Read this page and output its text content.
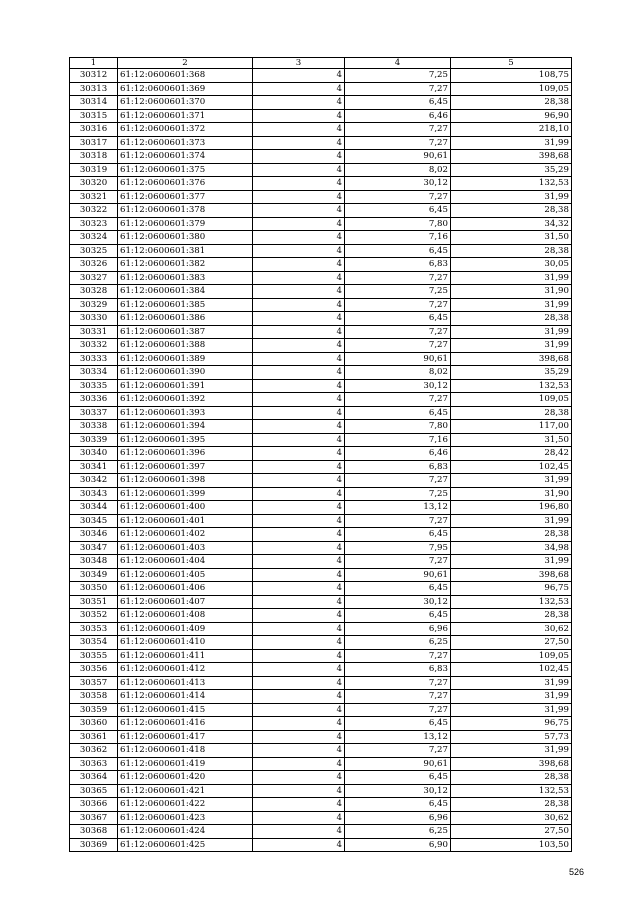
1	2	3	4	5
30312	61:12:0600601:368	4	7,25	108,75
30313	61:12:0600601:369	4	7,27	109,05
30314	61:12:0600601:370	4	6,45	28,38
30315	61:12:0600601:371	4	6,46	96,90
30316	61:12:0600601:372	4	7,27	218,10
30317	61:12:0600601:373	4	7,27	31,99
30318	61:12:0600601:374	4	90,61	398,68
30319	61:12:0600601:375	4	8,02	35,29
30320	61:12:0600601:376	4	30,12	132,53
30321	61:12:0600601:377	4	7,27	31,99
30322	61:12:0600601:378	4	6,45	28,38
30323	61:12:0600601:379	4	7,80	34,32
30324	61:12:0600601:380	4	7,16	31,50
30325	61:12:0600601:381	4	6,45	28,38
30326	61:12:0600601:382	4	6,83	30,05
30327	61:12:0600601:383	4	7,27	31,99
30328	61:12:0600601:384	4	7,25	31,90
30329	61:12:0600601:385	4	7,27	31,99
30330	61:12:0600601:386	4	6,45	28,38
30331	61:12:0600601:387	4	7,27	31,99
30332	61:12:0600601:388	4	7,27	31,99
30333	61:12:0600601:389	4	90,61	398,68
30334	61:12:0600601:390	4	8,02	35,29
30335	61:12:0600601:391	4	30,12	132,53
30336	61:12:0600601:392	4	7,27	109,05
30337	61:12:0600601:393	4	6,45	28,38
30338	61:12:0600601:394	4	7,80	117,00
30339	61:12:0600601:395	4	7,16	31,50
30340	61:12:0600601:396	4	6,46	28,42
30341	61:12:0600601:397	4	6,83	102,45
30342	61:12:0600601:398	4	7,27	31,99
30343	61:12:0600601:399	4	7,25	31,90
30344	61:12:0600601:400	4	13,12	196,80
30345	61:12:0600601:401	4	7,27	31,99
30346	61:12:0600601:402	4	6,45	28,38
30347	61:12:0600601:403	4	7,95	34,98
30348	61:12:0600601:404	4	7,27	31,99
30349	61:12:0600601:405	4	90,61	398,68
30350	61:12:0600601:406	4	6,45	96,75
30351	61:12:0600601:407	4	30,12	132,53
30352	61:12:0600601:408	4	6,45	28,38
30353	61:12:0600601:409	4	6,96	30,62
30354	61:12:0600601:410	4	6,25	27,50
30355	61:12:0600601:411	4	7,27	109,05
30356	61:12:0600601:412	4	6,83	102,45
30357	61:12:0600601:413	4	7,27	31,99
30358	61:12:0600601:414	4	7,27	31,99
30359	61:12:0600601:415	4	7,27	31,99
30360	61:12:0600601:416	4	6,45	96,75
30361	61:12:0600601:417	4	13,12	57,73
30362	61:12:0600601:418	4	7,27	31,99
30363	61:12:0600601:419	4	90,61	398,68
30364	61:12:0600601:420	4	6,45	28,38
30365	61:12:0600601:421	4	30,12	132,53
30366	61:12:0600601:422	4	6,45	28,38
30367	61:12:0600601:423	4	6,96	30,62
30368	61:12:0600601:424	4	6,25	27,50
30369	61:12:0600601:425	4	6,90	103,50
526
